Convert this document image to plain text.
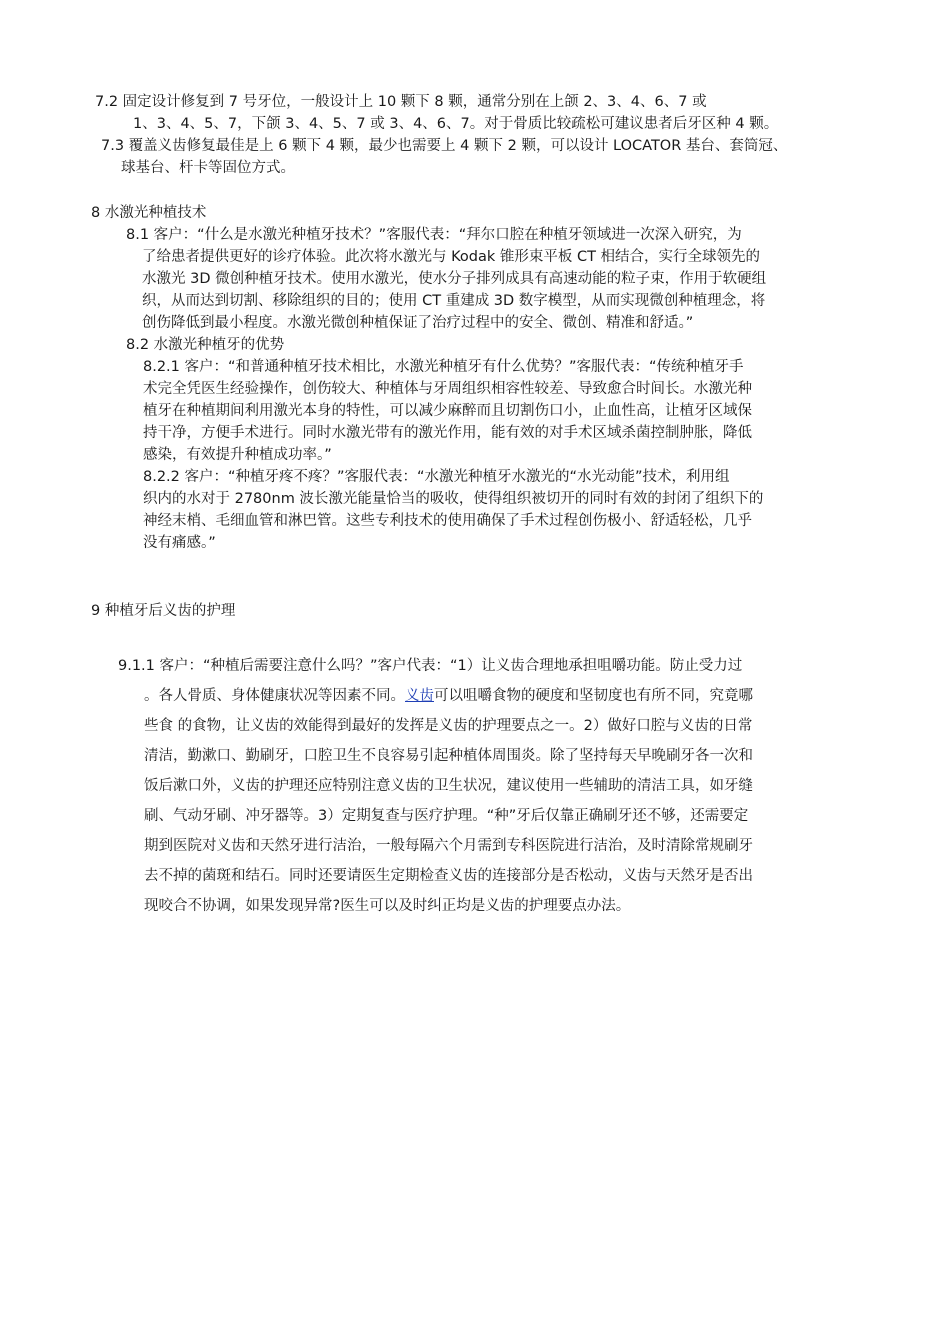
7.2 固定设计修复到 7 号牙位，一般设计上 10 颗下 8 颗，通常分别在上颌 2、3、4、6、7 或
1、3、4、5、7，下颌 3、4、5、7 或 3、4、6、7。对于骨质比较疏松可建议患者后牙区种 4 颗。
7.3 覆盖义齿修复最佳是上 6 颗下 4 颗，最少也需要上 4 颗下 2 颗，可以设计 LOCATOR 基台、套筒冠、
球基台、杆卡等固位方式。
8 水激光种植技术
8.1 客户：“什么是水激光种植牙技术？”客服代表：“拜尔口腔在种植牙领域进一次深入研究，为
了给患者提供更好的诊疗体验。此次将水激光与 Kodak 锥形束平板 CT 相结合，实行全球领先的
水激光 3D 微创种植牙技术。使用水激光，使水分子排列成具有高速动能的粒子束，作用于软硬组
织，从而达到切割、移除组织的目的；使用 CT 重建成 3D 数字模型，从而实现微创种植理念，将
创伤降低到最小程度。水激光微创种植保证了治疗过程中的安全、微创、精准和舒适。”
8.2 水激光种植牙的优势
8.2.1 客户：“和普通种植牙技术相比，水激光种植牙有什么优势？”客服代表：“传统种植牙手
术完全凭医生经验操作，创伤较大、种植体与牙周组织相容性较差、导致愈合时间长。水激光种
植牙在种植期间利用激光本身的特性，可以减少麻醉而且切割伤口小，止血性高，让植牙区域保
持干净，方便手术进行。同时水激光带有的激光作用，能有效的对手术区域杀菌控制肿胀，降低
感染，有效提升种植成功率。”
8.2.2 客户：“种植牙疼不疼？”客服代表：“水激光种植牙水激光的“水光动能”技术，利用组
织内的水对于 2780nm 波长激光能量恰当的吸收，使得组织被切开的同时有效的封闭了组织下的
神经末梢、毛细血管和淋巴管。这些专利技术的使用确保了手术过程创伤极小、舒适轻松，几乎
没有痛感。”
9 种植牙后义齿的护理
9.1.1 客户：“种植后需要注意什么吗？”客户代表：“1）让义齿合理地承担咀嚼功能。防止受力过
。各人骨质、身体健康状况等因素不同。义齿可以咀嚼食物的硬度和坚韧度也有所不同，究竟哪
些食 的食物，让义齿的效能得到最好的发挥是义齿的护理要点之一。2）做好口腔与义齿的日常
清洁，勤漱口、勤刷牙，口腔卫生不良容易引起种植体周围炎。除了坚持每天早晚刷牙各一次和
饭后漱口外，义齿的护理还应特别注意义齿的卫生状况，建议使用一些辅助的清洁工具，如牙缝
刷、气动牙刷、冲牙器等。3）定期复查与医疗护理。“种”牙后仅靠正确刷牙还不够，还需要定
期到医院对义齿和天然牙进行洁治，一般每隔六个月需到专科医院进行洁治，及时清除常规刷牙
去不掉的菌斑和结石。同时还要请医生定期检查义齿的连接部分是否松动，义齿与天然牙是否出
现咬合不协调，如果发现异常?医生可以及时纠正均是义齿的护理要点办法。
